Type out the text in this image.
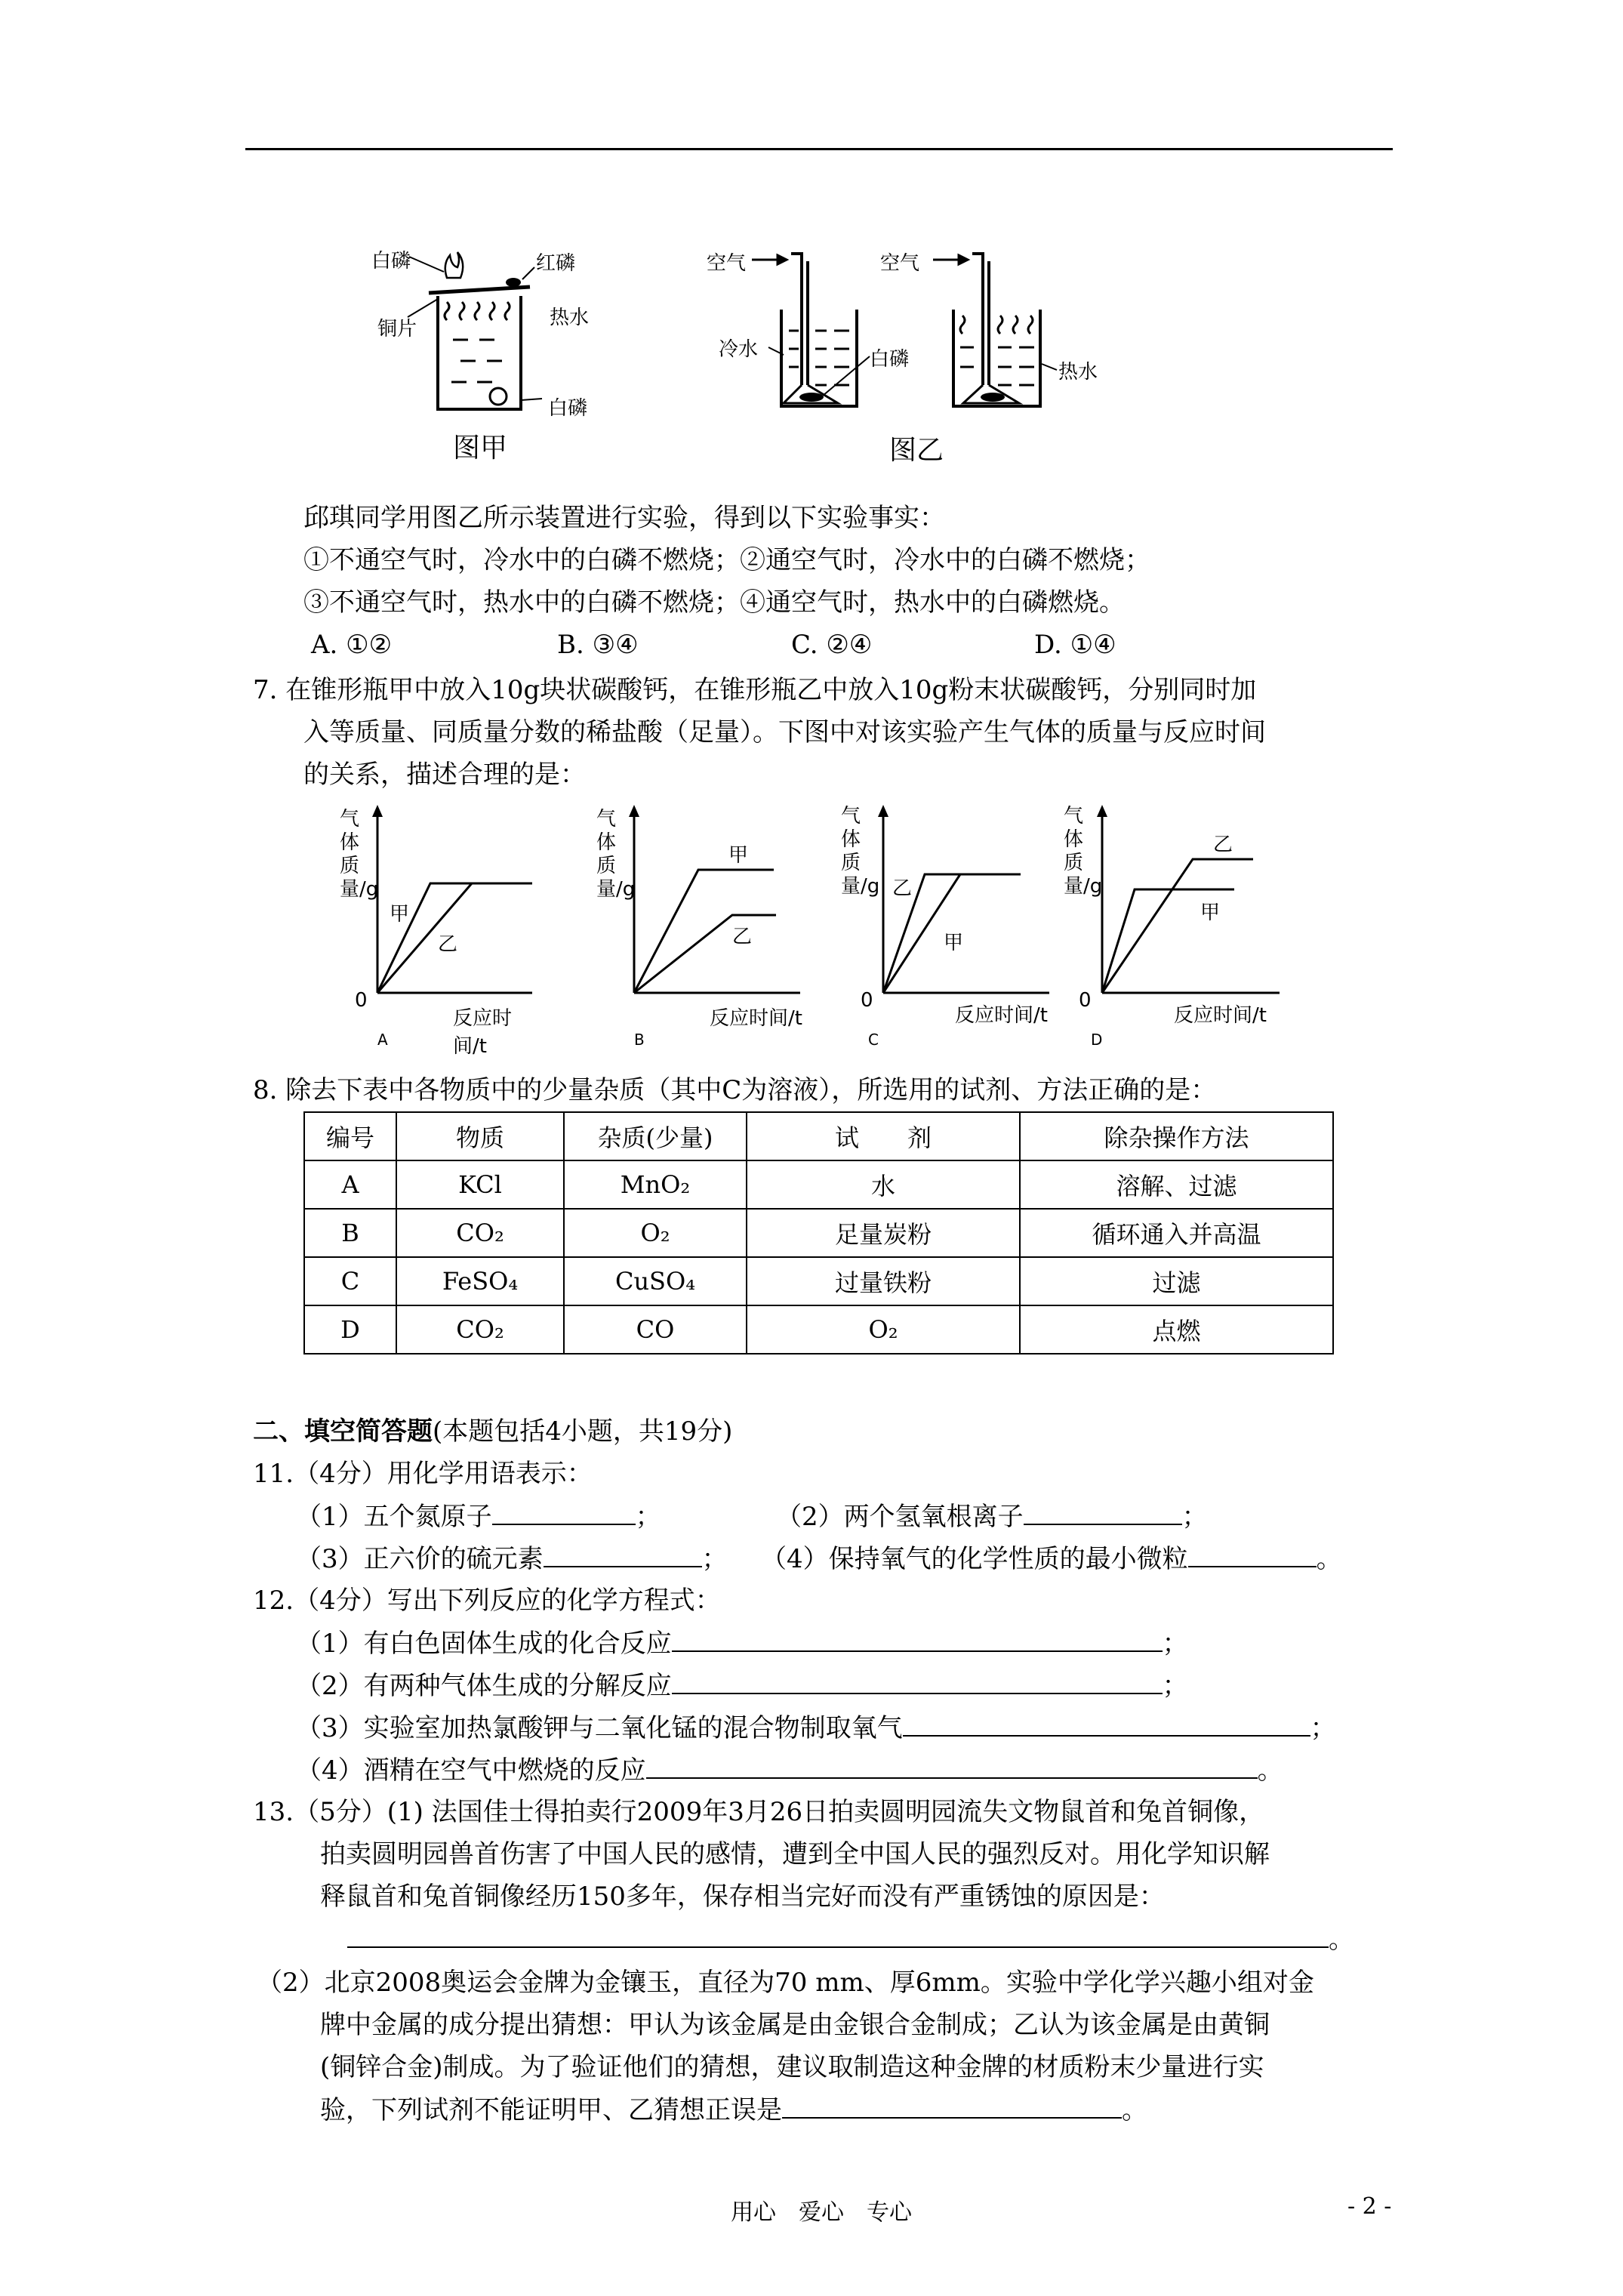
白磷	红磷
铜片	热水
白磷
图甲
空气	空气
冷水	白磷
热水
图乙
邱琪同学用图乙所示装置进行实验，得到以下实验事实：
①不通空气时，冷水中的白磷不燃烧；②通空气时，冷水中的白磷不燃烧；
③不通空气时，热水中的白磷不燃烧；④通空气时，热水中的白磷燃烧。
A. ①②	B. ③④	C. ②④	D. ①④
7. 在锥形瓶甲中放入10g块状碳酸钙，在锥形瓶乙中放入10g粉末状碳酸钙，分别同时加
入等质量、同质量分数的稀盐酸（足量）。下图中对该实验产生气体的质量与反应时间
的关系，描述合理的是：
气体质量/g
甲
乙
0
反应时间/t
A
气体质量/g
甲
乙
反应时间/t
B
气体质量/g 乙
甲
0
反应时间/t
C
气体质量/g
乙
甲
0
反应时间/t
D
8. 除去下表中各物质中的少量杂质（其中C为溶液），所选用的试剂、方法正确的是：
编号	物质	杂质(少量)	试　　剂	除杂操作方法
A	KCl	MnO₂	水	溶解、过滤
B	CO₂	O₂	足量炭粉	循环通入并高温
C	FeSO₄	CuSO₄	过量铁粉	过滤
D	CO₂	CO	O₂	点燃
二、填空简答题(本题包括4小题，共19分)
11.（4分）用化学用语表示：
（1）五个氮原子	；	（2）两个氢氧根离子	；
（3）正六价的硫元素	； （4）保持氧气的化学性质的最小微粒	。
12.（4分）写出下列反应的化学方程式：
（1）有白色固体生成的化合反应	；
（2）有两种气体生成的分解反应	；
（3）实验室加热氯酸钾与二氧化锰的混合物制取氧气	；
（4）酒精在空气中燃烧的反应	。
13.（5分）(1) 法国佳士得拍卖行2009年3月26日拍卖圆明园流失文物鼠首和兔首铜像，
拍卖圆明园兽首伤害了中国人民的感情，遭到全中国人民的强烈反对。用化学知识解
释鼠首和兔首铜像经历150多年，保存相当完好而没有严重锈蚀的原因是：
。
（2）北京2008奥运会金牌为金镶玉，直径为70 mm、厚6mm。实验中学化学兴趣小组对金
牌中金属的成分提出猜想：甲认为该金属是由金银合金制成；乙认为该金属是由黄铜
(铜锌合金)制成。为了验证他们的猜想，建议取制造这种金牌的材质粉末少量进行实
验，下列试剂不能证明甲、乙猜想正误是	。
用心　爱心　专心	- 2 -
